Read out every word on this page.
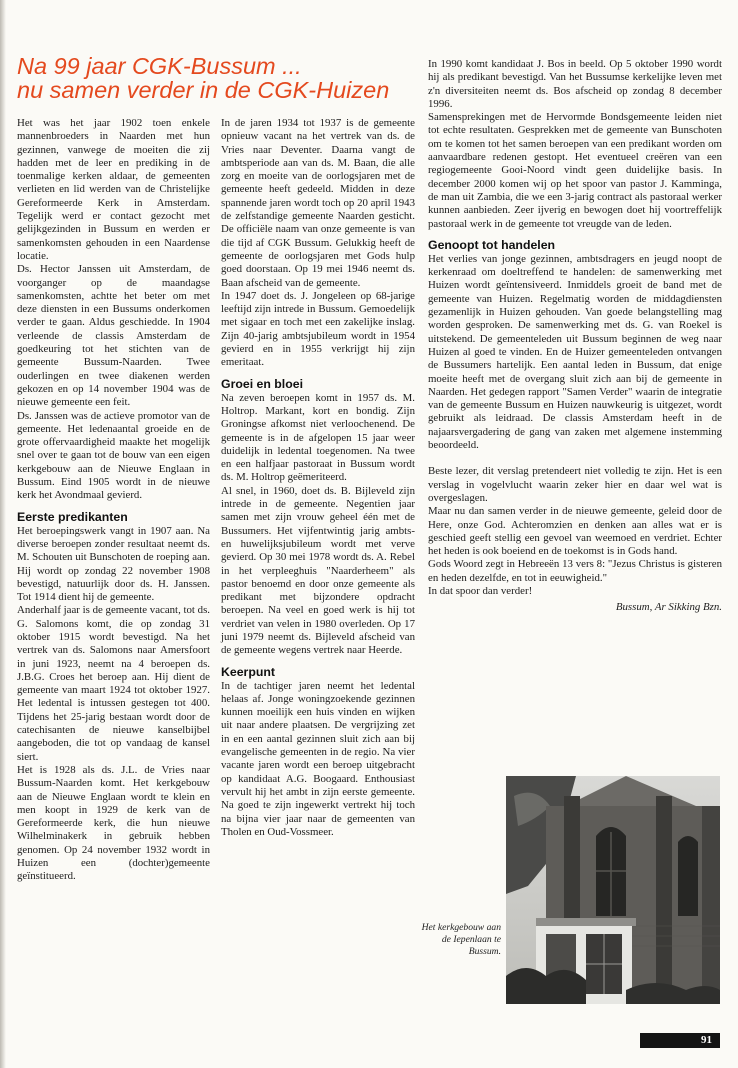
Na 99 jaar CGK-Bussum ...
nu samen verder in de CGK-Huizen

Het was het jaar 1902 toen enkele mannenbroeders in Naarden met hun gezinnen, vanwege de moeiten die zij hadden met de leer en prediking in de toenmalige kerken aldaar, de gemeenten verlieten en lid werden van de Christelijke Gereformeerde Kerk in Amsterdam. Tegelijk werd er contact gezocht met gelijkgezinden in Bussum en werden er samenkomsten gehouden in een Naardense locatie.

Ds. Hector Janssen uit Amsterdam, de voorganger op de maandagse samenkomsten, achtte het beter om met deze diensten in een Bussums onderkomen verder te gaan. Aldus geschiedde. In 1904 verleende de classis Amsterdam de goedkeuring tot het stichten van de gemeente Bussum-Naarden. Twee ouderlingen en twee diakenen werden gekozen en op 14 november 1904 was de nieuwe gemeente een feit.

Ds. Janssen was de actieve promotor van de gemeente. Het ledenaantal groeide en de grote offervaardigheid maakte het mogelijk snel over te gaan tot de bouw van een eigen kerkgebouw aan de Nieuwe Englaan in Bussum. Eind 1905 wordt in de nieuwe kerk het Avondmaal gevierd.

Eerste predikanten

Het beroepingswerk vangt in 1907 aan. Na diverse beroepen zonder resultaat neemt ds. M. Schouten uit Bunschoten de roeping aan. Hij wordt op zondag 22 november 1908 bevestigd, natuurlijk door ds. H. Janssen. Tot 1914 dient hij de gemeente.

Anderhalf jaar is de gemeente vacant, tot ds. G. Salomons komt, die op zondag 31 oktober 1915 wordt bevestigd. Na het vertrek van ds. Salomons naar Amersfoort in juni 1923, neemt na 4 beroepen ds. J.B.G. Croes het beroep aan. Hij dient de gemeente van maart 1924 tot oktober 1927. Het ledental is intussen gestegen tot 400. Tijdens het 25-jarig bestaan wordt door de catechisanten de nieuwe kanselbijbel aangeboden, die tot op vandaag de kansel siert.

Het is 1928 als ds. J.L. de Vries naar Bussum-Naarden komt. Het kerkgebouw aan de Nieuwe Englaan wordt te klein en men koopt in 1929 de kerk van de Gereformeerde kerk, die hun nieuwe Wilhelminakerk in gebruik hebben genomen. Op 24 november 1932 wordt in Huizen een (dochter)gemeente geïnstitueerd.

In de jaren 1934 tot 1937 is de gemeente opnieuw vacant na het vertrek van ds. de Vries naar Deventer. Daarna vangt de ambtsperiode aan van ds. M. Baan, die alle zorg en moeite van de oorlogsjaren met de gemeente heeft gedeeld. Midden in deze spannende jaren wordt toch op 20 april 1943 de zelfstandige gemeente Naarden gesticht. De officiële naam van onze gemeente is van die tijd af CGK Bussum. Gelukkig heeft de gemeente de oorlogsjaren met Gods hulp goed doorstaan. Op 19 mei 1946 neemt ds. Baan afscheid van de gemeente.

In 1947 doet ds. J. Jongeleen op 68-jarige leeftijd zijn intrede in Bussum. Gemoedelijk met sigaar en toch met een zakelijke inslag. Zijn 40-jarig ambtsjubileum wordt in 1954 gevierd en in 1955 verkrijgt hij zijn emeritaat.

Groei en bloei

Na zeven beroepen komt in 1957 ds. M. Holtrop. Markant, kort en bondig. Zijn Groningse afkomst niet verloochenend. De gemeente is in de afgelopen 15 jaar weer duidelijk in ledental toegenomen. Na twee en een halfjaar pastoraat in Bussum wordt ds. M. Holtrop geëmeriteerd.

Al snel, in 1960, doet ds. B. Bijleveld zijn intrede in de gemeente. Negentien jaar samen met zijn vrouw geheel één met de Bussumers. Het vijfentwintig jarig ambts- en huwelijksjubileum wordt met verve gevierd. Op 30 mei 1978 wordt ds. A. Rebel in het verpleeghuis "Naarderheem" als pastor benoemd en door onze gemeente als predikant met bijzondere opdracht beroepen. Na veel en goed werk is hij tot verdriet van velen in 1980 overleden. Op 17 juni 1979 neemt ds. Bijleveld afscheid van de gemeente wegens vertrek naar Heerde.

Keerpunt

In de tachtiger jaren neemt het ledental helaas af. Jonge woningzoekende gezinnen kunnen moeilijk een huis vinden en wijken uit naar andere plaatsen. De vergrijzing zet in en een aantal gezinnen sluit zich aan bij evangelische gemeenten in de regio. Na vier vacante jaren wordt een beroep uitgebracht op kandidaat A.G. Boogaard. Enthousiast vervult hij het ambt in zijn eerste gemeente. Na goed te zijn ingewerkt vertrekt hij toch na bijna vier jaar naar de gemeenten van Tholen en Oud-Vossmeer.

In 1990 komt kandidaat J. Bos in beeld. Op 5 oktober 1990 wordt hij als predikant bevestigd. Van het Bussumse kerkelijke leven met z'n diversiteiten neemt ds. Bos afscheid op zondag 8 december 1996.

Samensprekingen met de Hervormde Bondsgemeente leiden niet tot echte resultaten. Gesprekken met de gemeente van Bunschoten om te komen tot het samen beroepen van een predikant worden om aanvaardbare redenen gestopt. Het eventueel creëren van een regiogemeente Gooi-Noord vindt geen duidelijke basis. In december 2000 komen wij op het spoor van pastor J. Kamminga, de man uit Zambia, die we een 3-jarig contract als pastoraal werker kunnen aanbieden. Zeer ijverig en bewogen doet hij voortreffelijk pastoraal werk in de gemeente tot vreugde van de leden.

Genoopt tot handelen

Het verlies van jonge gezinnen, ambtsdragers en jeugd noopt de kerkenraad om doeltreffend te handelen: de samenwerking met Huizen wordt geïntensiveerd. Inmiddels groeit de band met de gemeente van Huizen. Regelmatig worden de middagdiensten gezamenlijk in Huizen gehouden. Van goede belangstelling mag worden gesproken. De samenwerking met ds. G. van Roekel is uitstekend. De gemeenteleden uit Bussum beginnen de weg naar Huizen al goed te vinden. En de Huizer gemeenteleden ontvangen de Bussumers hartelijk. Een aantal leden in Bussum, dat enige moeite heeft met de overgang sluit zich aan bij de gemeente in Naarden. Het gedegen rapport "Samen Verder" waarin de integratie van de gemeente Bussum en Huizen nauwkeurig is uitgezet, wordt gebruikt als leidraad. De classis Amsterdam heeft in de najaarsvergadering de gang van zaken met algemene instemming beoordeeld.

Beste lezer, dit verslag pretendeert niet volledig te zijn. Het is een verslag in vogelvlucht waarin zeker hier en daar wel wat is overgeslagen.

Maar nu dan samen verder in de nieuwe gemeente, geleid door de Here, onze God. Achteromzien en denken aan alles wat er is geschied geeft stellig een gevoel van weemoed en verdriet. Echter het heden is ook boeiend en de toekomst is in Gods hand.

Gods Woord zegt in Hebreeën 13 vers 8: "Jezus Christus is gisteren en heden dezelfde, en tot in eeuwigheid."

In dat spoor dan verder!

Bussum, Ar Sikking Bzn.

Het kerkgebouw aan de Iepenlaan te Bussum.
91
